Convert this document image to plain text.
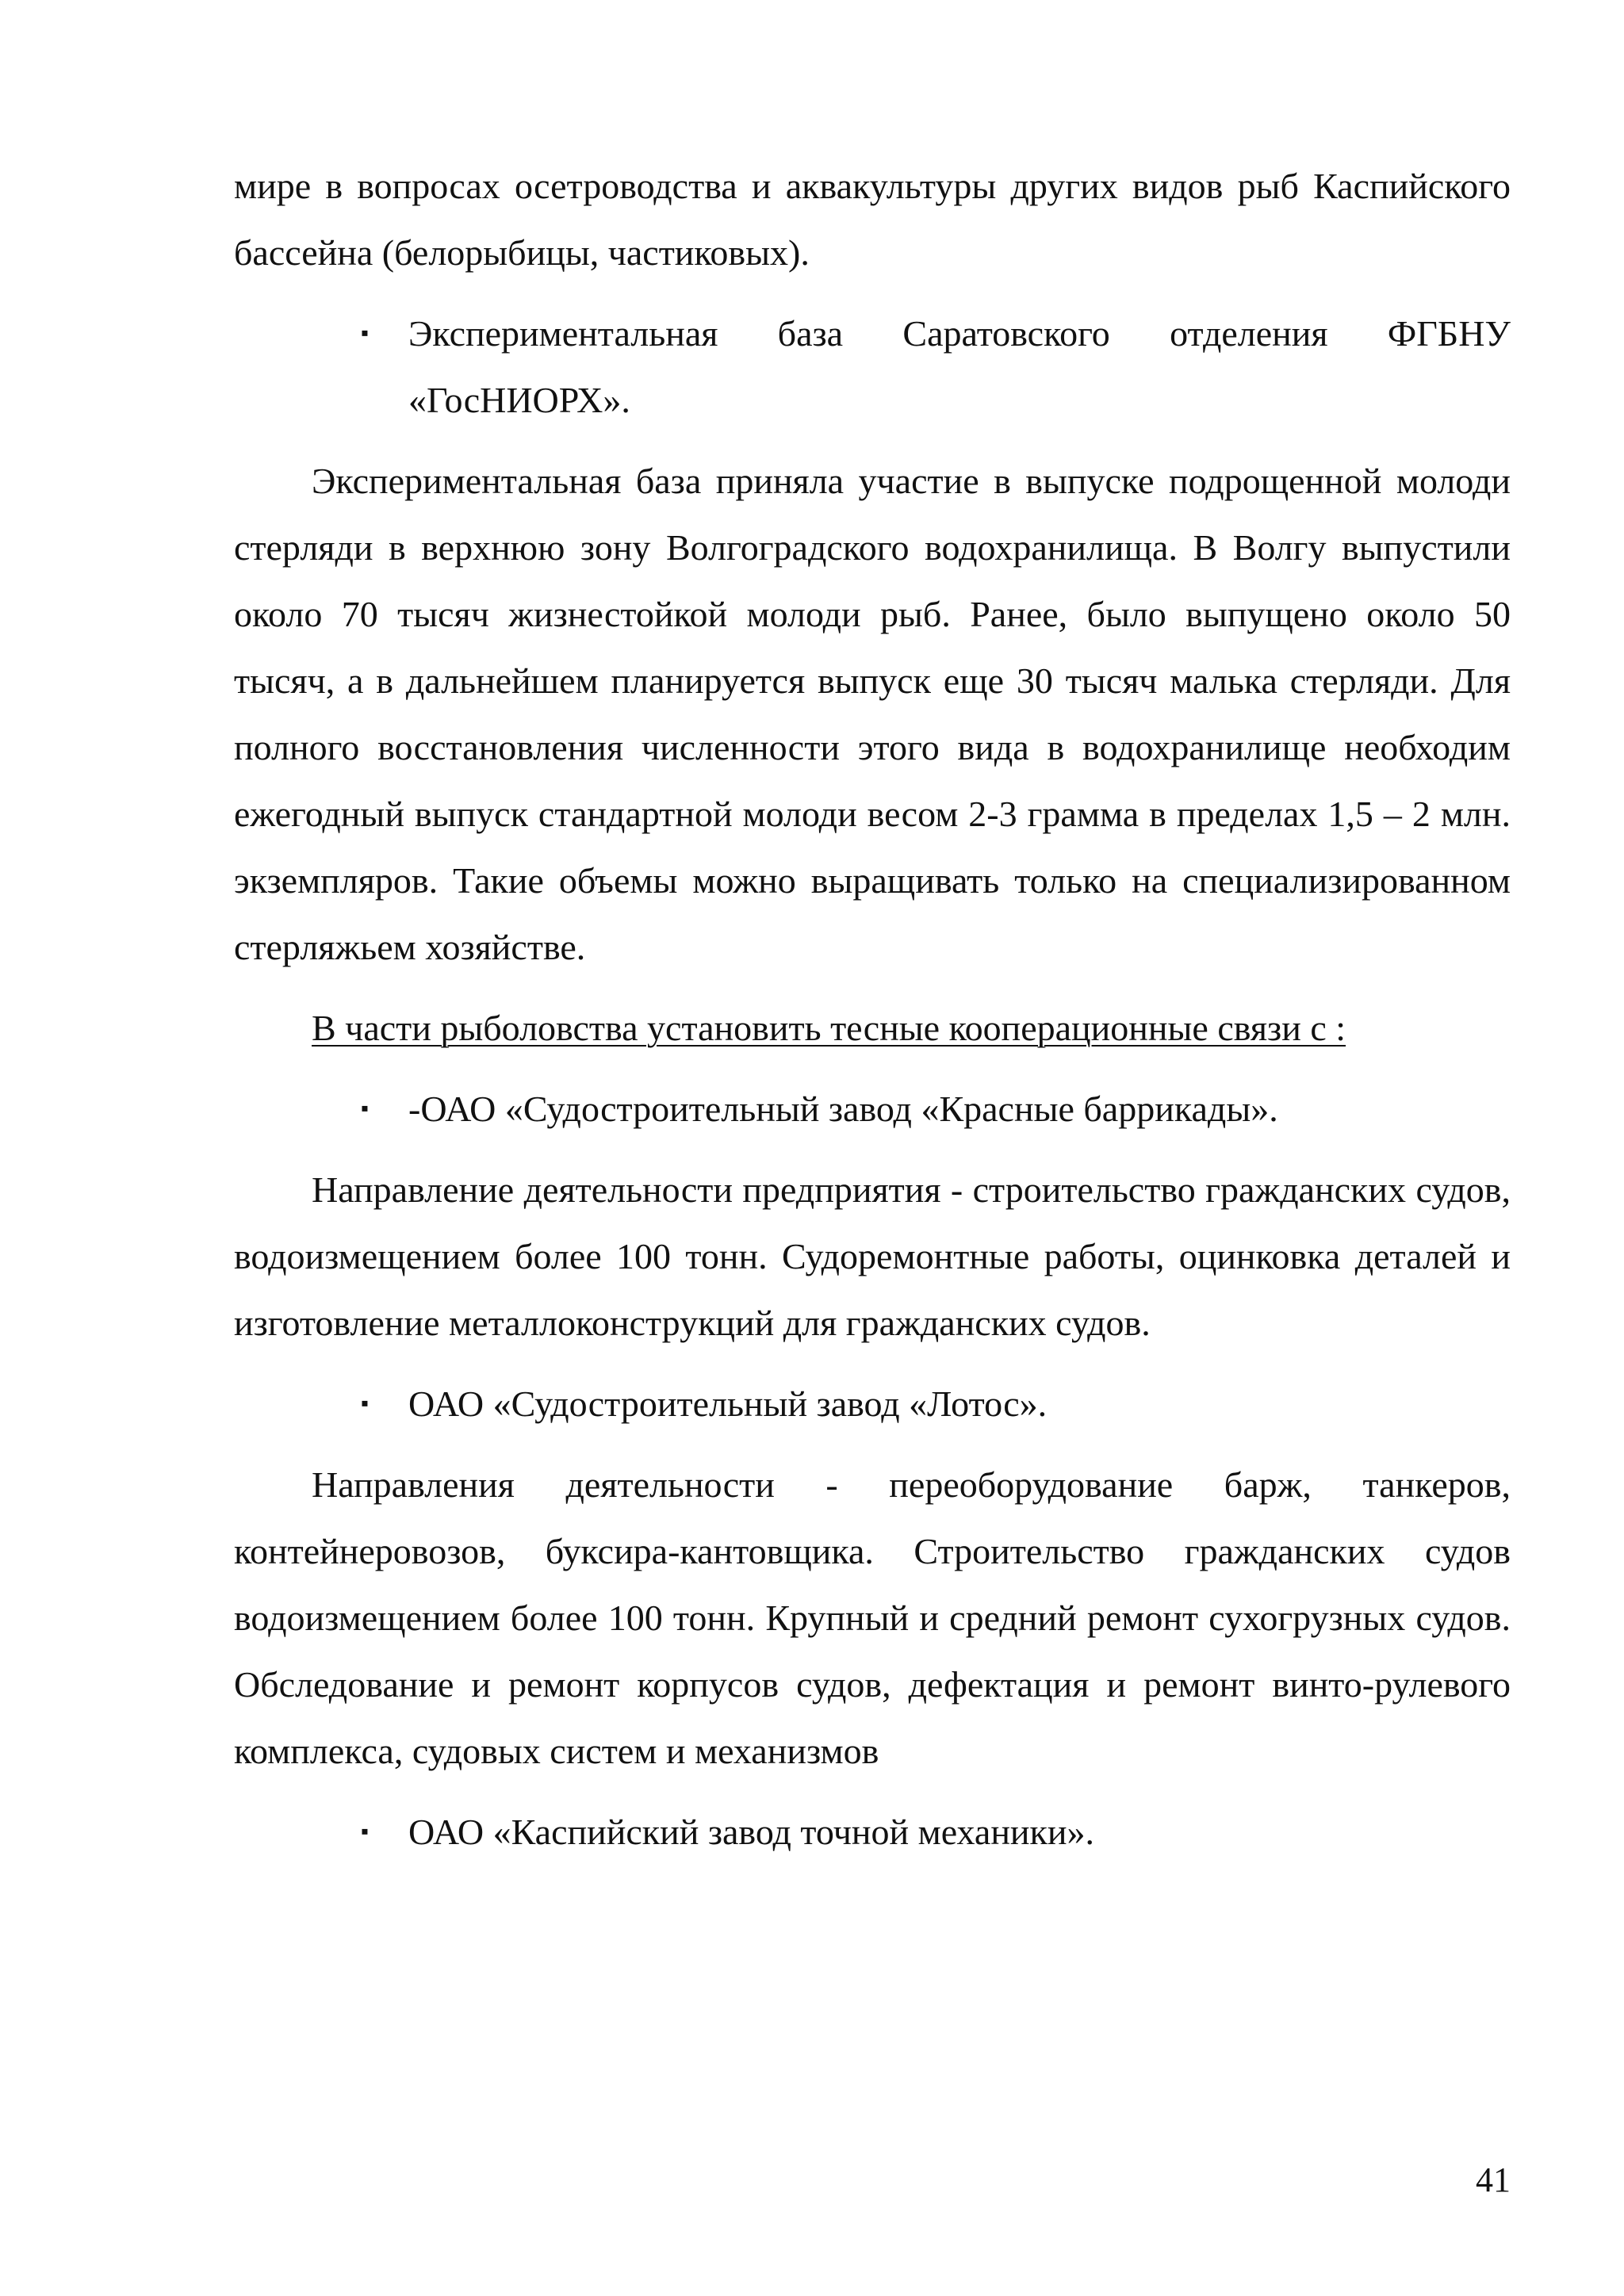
мире в вопросах осетроводства и аквакультуры других видов рыб Каспийского бассейна (белорыбицы, частиковых).

▪	Экспериментальная база Саратовского отделения ФГБНУ «ГосНИОРХ».

Экспериментальная база приняла участие в выпуске подрощенной молоди стерляди в верхнюю зону Волгоградского водохранилища. В Волгу выпустили около 70 тысяч жизнестойкой молоди рыб. Ранее, было выпущено около 50 тысяч, а в дальнейшем планируется выпуск еще 30 тысяч малька стерляди. Для полного восстановления численности этого вида в водохранилище необходим ежегодный выпуск стандартной молоди весом 2-3 грамма в пределах 1,5 – 2 млн. экземпляров. Такие объемы можно выращивать только на специализированном стерляжьем хозяйстве.

В части рыболовства установить тесные кооперационные связи с :

▪	-ОАО «Судостроительный завод «Красные баррикады».

Направление деятельности предприятия - строительство гражданских судов, водоизмещением более 100 тонн. Судоремонтные работы, оцинковка деталей и изготовление металлоконструкций для гражданских судов.

▪	ОАО «Судостроительный завод «Лотос».

Направления деятельности - переоборудование барж, танкеров, контейнеровозов, буксира-кантовщика. Строительство гражданских судов водоизмещением более 100 тонн. Крупный и средний ремонт сухогрузных судов. Обследование и ремонт корпусов судов, дефектация и ремонт винто-рулевого комплекса, судовых систем и механизмов

▪	ОАО «Каспийский завод точной механики».
41
